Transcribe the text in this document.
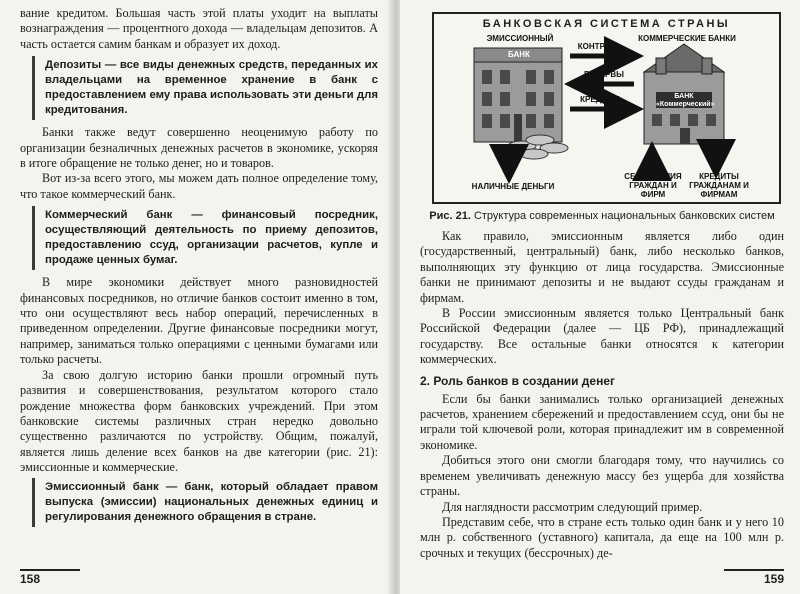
вание кредитом. Большая часть этой платы уходит на выплаты вознаграждения — процентного дохода — владельцам депозитов. А часть остается самим банкам и образует их доход.

Депозиты — все виды денежных средств, переданных их владельцами на временное хранение в банк с предоставлением ему права использовать эти деньги для кредитования.

Банки также ведут совершенно неоценимую работу по организации безналичных денежных расчетов в экономике, ускоряя в итоге обращение не только денег, но и товаров.

Вот из-за всего этого, мы можем дать полное определение тому, что такое коммерческий банк.

Коммерческий банк — финансовый посредник, осуществляющий деятельность по приему депозитов, предоставлению ссуд, организации расчетов, купле и продаже ценных бумаг.

В мире экономики действует много разновидностей финансовых посредников, но отличие банков состоит именно в том, что они осуществляют весь набор операций, перечисленных в приведенном определении. Другие финансовые посредники могут, например, заниматься только операциями с ценными бумагами или только расчеты.

За свою долгую историю банки прошли огромный путь развития и совершенствования, результатом которого стало рождение множества форм банковских учреждений. При этом банковские системы различных стран нередко довольно существенно различаются по устройству. Общим, пожалуй, является лишь деление всех банков на две категории (рис. 21): эмиссионные и коммерческие.

Эмиссионный банк — банк, который обладает правом выпуска (эмиссии) национальных денежных единиц и регулирования денежного обращения в стране.
158
БАНКОВСКАЯ СИСТЕМА СТРАНЫ
ЭМИССИОННЫЙ
БАНК
КОММЕРЧЕСКИЕ БАНКИ
БАНК
«Коммерческий»
КОНТРОЛЬ
РЕЗЕРВЫ
КРЕДИТЫ
НАЛИЧНЫЕ ДЕНЬГИ
СБЕРЕЖЕНИЯ ГРАЖДАН И ФИРМ
КРЕДИТЫ ГРАЖДАНАМ И ФИРМАМ
Рис. 21. Структура современных национальных банковских систем

Как правило, эмиссионным является либо один (государственный, центральный) банк, либо несколько банков, выполняющих эту функцию от лица государства. Эмиссионные банки не принимают депозиты и не выдают ссуды гражданам и фирмам.

В России эмиссионным является только Центральный банк Российской Федерации (далее — ЦБ РФ), принадлежащий государству. Все остальные банки относятся к категории коммерческих.

2. Роль банков в создании денег

Если бы банки занимались только организацией денежных расчетов, хранением сбережений и предоставлением ссуд, они бы не играли той ключевой роли, которая принадлежит им в современной экономике.

Добиться этого они смогли благодаря тому, что научились со временем увеличивать денежную массу без ущерба для хозяйства страны.

Для наглядности рассмотрим следующий пример.

Представим себе, что в стране есть только один банк и у него 10 млн р. собственного (уставного) капитала, да еще на 100 млн р. срочных и текущих (бессрочных) де-

159
